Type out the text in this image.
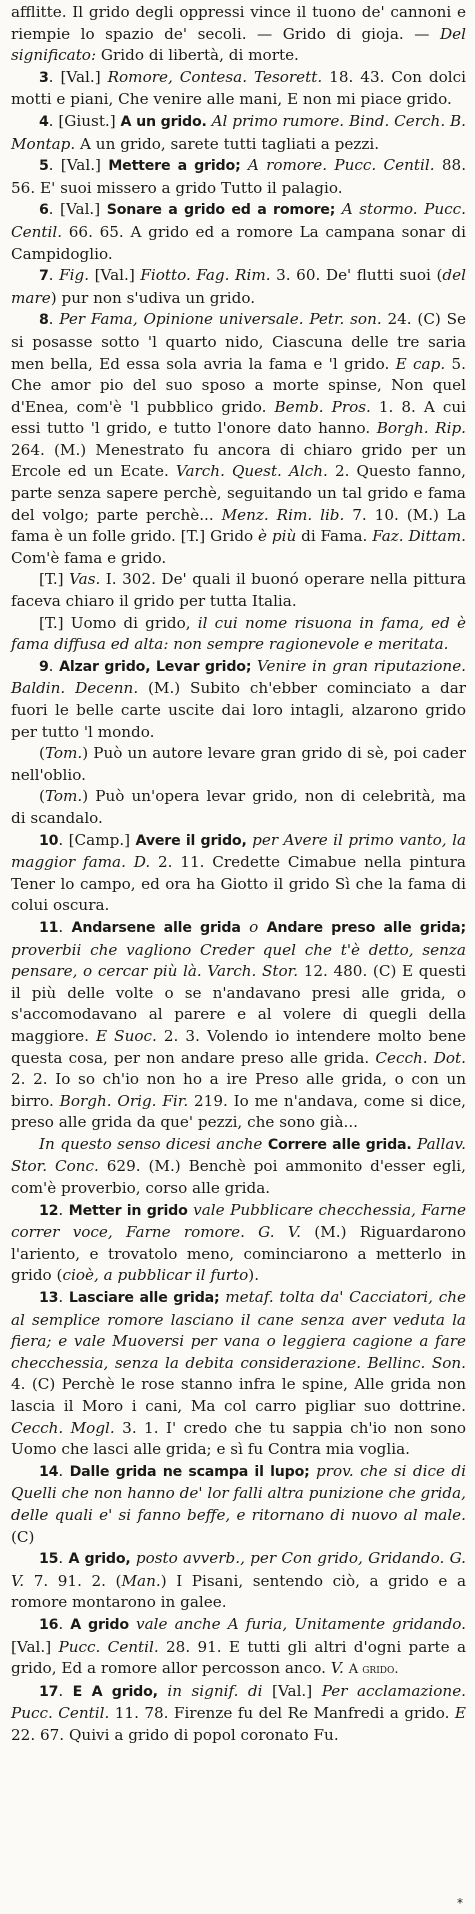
afflitte. Il grido degli oppressi vince il tuono de' cannoni e riempie lo spazio de' secoli. — Grido di gioja. — Del significato: Grido di libertà, di morte.

3. [Val.] Romore, Contesa. Tesorett. 18. 43. Con dolci motti e piani, Che venire alle mani, E non mi piace grido.

4. [Giust.] A un grido. Al primo rumore. Bind. Cerch. B. Montap. A un grido, sarete tutti tagliati a pezzi.

5. [Val.] Mettere a grido; A romore. Pucc. Centil. 88. 56. E' suoi missero a grido Tutto il palagio.

6. [Val.] Sonare a grido ed a romore; A stormo. Pucc. Centil. 66. 65. A grido ed a romore La campana sonar di Campidoglio.

7. Fig. [Val.] Fiotto. Fag. Rim. 3. 60. De' flutti suoi (del mare) pur non s'udiva un grido.

8. Per Fama, Opinione universale. Petr. son. 24. (C) Se si posasse sotto 'l quarto nido, Ciascuna delle tre saria men bella, Ed essa sola avria la fama e 'l grido. E cap. 5. Che amor pio del suo sposo a morte spinse, Non quel d'Enea, com'è 'l pubblico grido. Bemb. Pros. 1. 8. A cui essi tutto 'l grido, e tutto l'onore dato hanno. Borgh. Rip. 264. (M.) Menestrato fu ancora di chiaro grido per un Ercole ed un Ecate. Varch. Quest. Alch. 2. Questo fanno, parte senza sapere perchè, seguitando un tal grido e fama del volgo; parte perchè... Menz. Rim. lib. 7. 10. (M.) La fama è un folle grido. [T.] Grido è più di Fama. Faz. Dittam. Com'è fama e grido.

[T.] Vas. I. 302. De' quali il buonó operare nella pittura faceva chiaro il grido per tutta Italia.

[T.] Uomo di grido, il cui nome risuona in fama, ed è fama diffusa ed alta: non sempre ragionevole e meritata.

9. Alzar grido, Levar grido; Venire in gran riputazione. Baldin. Decenn. (M.) Subito ch'ebber cominciato a dar fuori le belle carte uscite dai loro intagli, alzarono grido per tutto 'l mondo.

(Tom.) Può un autore levare gran grido di sè, poi cader nell'oblio.

(Tom.) Può un'opera levar grido, non di celebrità, ma di scandalo.

10. [Camp.] Avere il grido, per Avere il primo vanto, la maggior fama. D. 2. 11. Credette Cimabue nella pintura Tener lo campo, ed ora ha Giotto il grido Sì che la fama di colui oscura.

11. Andarsene alle grida o Andare preso alle grida; proverbii che vagliono Creder quel che t'è detto, senza pensare, o cercar più là. Varch. Stor. 12. 480. (C) E questi il più delle volte o se n'andavano presi alle grida, o s'accomodavano al parere e al volere di quegli della maggiore. E Suoc. 2. 3. Volendo io intendere molto bene questa cosa, per non andare preso alle grida. Cecch. Dot. 2. 2. Io so ch'io non ho a ire Preso alle grida, o con un birro. Borgh. Orig. Fir. 219. Io me n'andava, come si dice, preso alle grida da que' pezzi, che sono già...

In questo senso dicesi anche Correre alle grida. Pallav. Stor. Conc. 629. (M.) Benchè poi ammonito d'esser egli, com'è proverbio, corso alle grida.

12. Metter in grido vale Pubblicare checchessia, Farne correr voce, Farne romore. G. V. (M.) Riguardarono l'ariento, e trovatolo meno, cominciarono a metterlo in grido (cioè, a pubblicar il furto).

13. Lasciare alle grida; metaf. tolta da' Cacciatori, che al semplice romore lasciano il cane senza aver veduta la fiera; e vale Muoversi per vana o leggiera cagione a fare checchessia, senza la debita considerazione. Bellinc. Son. 4. (C) Perchè le rose stanno infra le spine, Alle grida non lascia il Moro i cani, Ma col carro pigliar suo dottrine. Cecch. Mogl. 3. 1. I' credo che tu sappia ch'io non sono Uomo che lasci alle grida; e sì fu Contra mia voglia.

14. Dalle grida ne scampa il lupo; prov. che si dice di Quelli che non hanno de' lor falli altra punizione che grida, delle quali e' si fanno beffe, e ritornano di nuovo al male. (C)

15. A grido, posto avverb., per Con grido, Gridando. G. V. 7. 91. 2. (Man.) I Pisani, sentendo ciò, a grido e a romore montarono in galee.

16. A grido vale anche A furia, Unitamente gridando. [Val.] Pucc. Centil. 28. 91. E tutti gli altri d'ogni parte a grido, Ed a romore allor percosson anco. V. A grido.

17. E A grido, in signif. di [Val.] Per acclamazione. Pucc. Centil. 11. 78. Firenze fu del Re Manfredi a grido. E 22. 67. Quivi a grido di popol coronato Fu.

*
